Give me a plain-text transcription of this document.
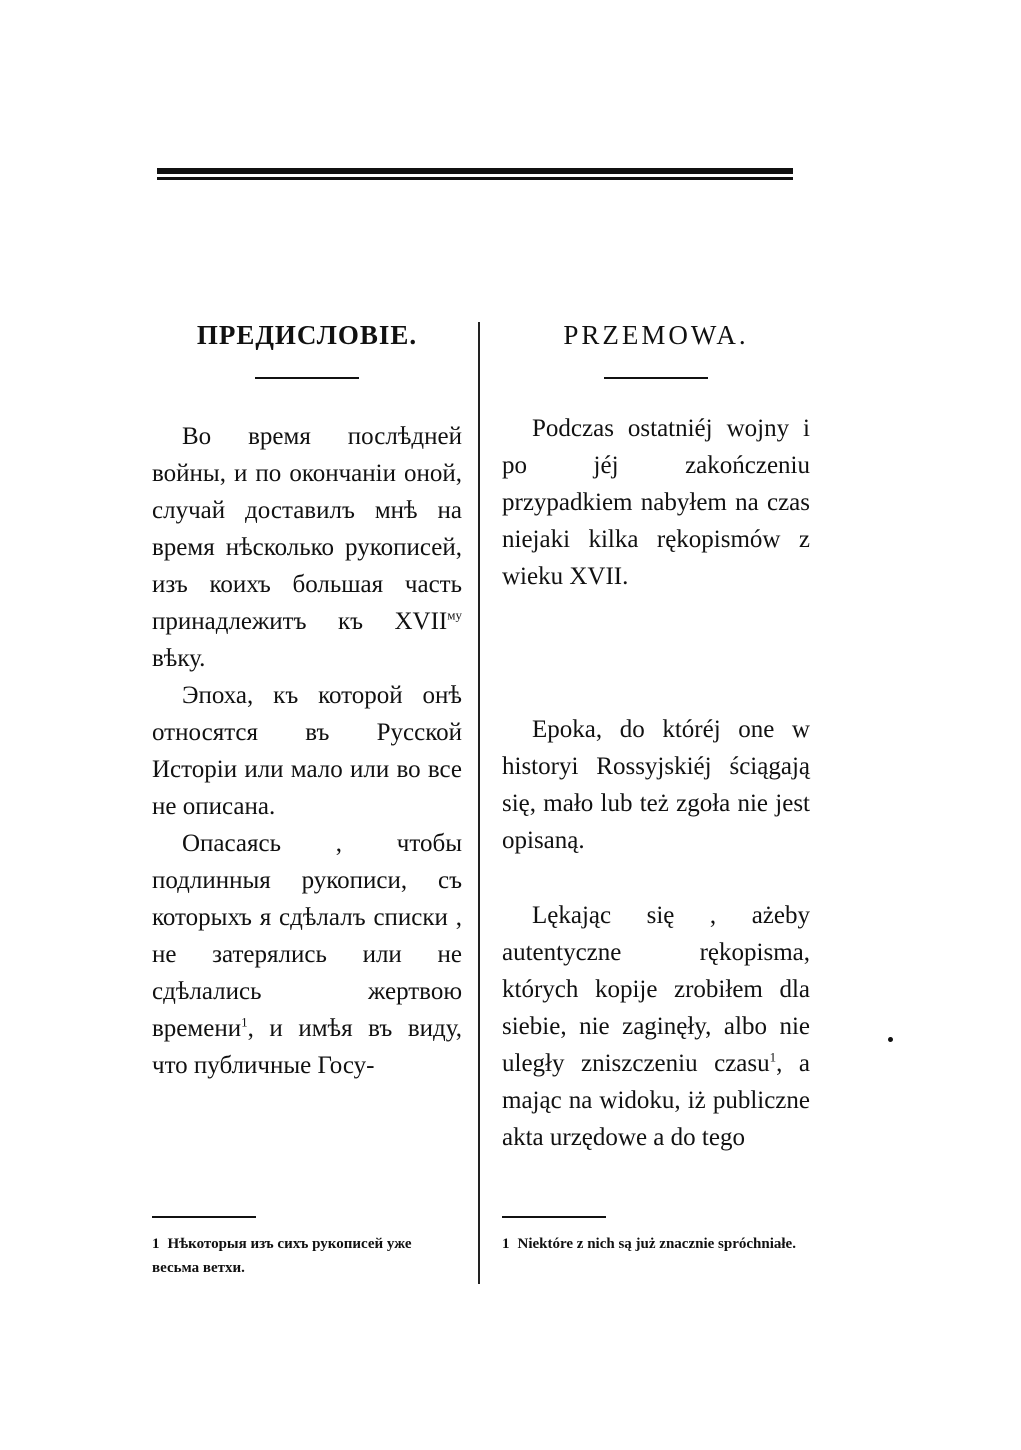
ПРЕДИСЛОВІЕ.

Во время послѣдней войны, и по окончаніи оной, случай доставилъ мнѣ на время нѣсколько рукописей, изъ коихъ большая часть принадлежитъ къ $XVII^{му}$ вѣку.

Эпоха, къ которой онѣ относятся въ Русской Исторіи или мало или во все не описана.

Опасаясь , чтобы подлинныя рукописи, съ которыхъ я сдѣлалъ списки , не затерялись или не сдѣлались жертвою времени$^1$, и имѣя въ виду, что публичные Госу-

1 Нѣкоторыя изъ сихъ рукописей уже весьма ветхи.
PRZEMOWA.

Podczas ostatniéj wojny i po jéj zakończeniu przypadkiem nabyłem na czas niejaki kilka rękopismów z wieku XVII.

Epoka, do któréj one w historyi Rossyjskiéj ściągają się, mało lub też zgoła nie jest opisaną.

Lękając się , ażeby autentyczne rękopisma, których kopije zrobiłem dla siebie, nie zaginęły, albo nie uległy zniszczeniu czasu$^1$, a mając na widoku, iż publiczne akta urzędowe a do tego

1 Niektóre z nich są już znacznie spróchniałe.
